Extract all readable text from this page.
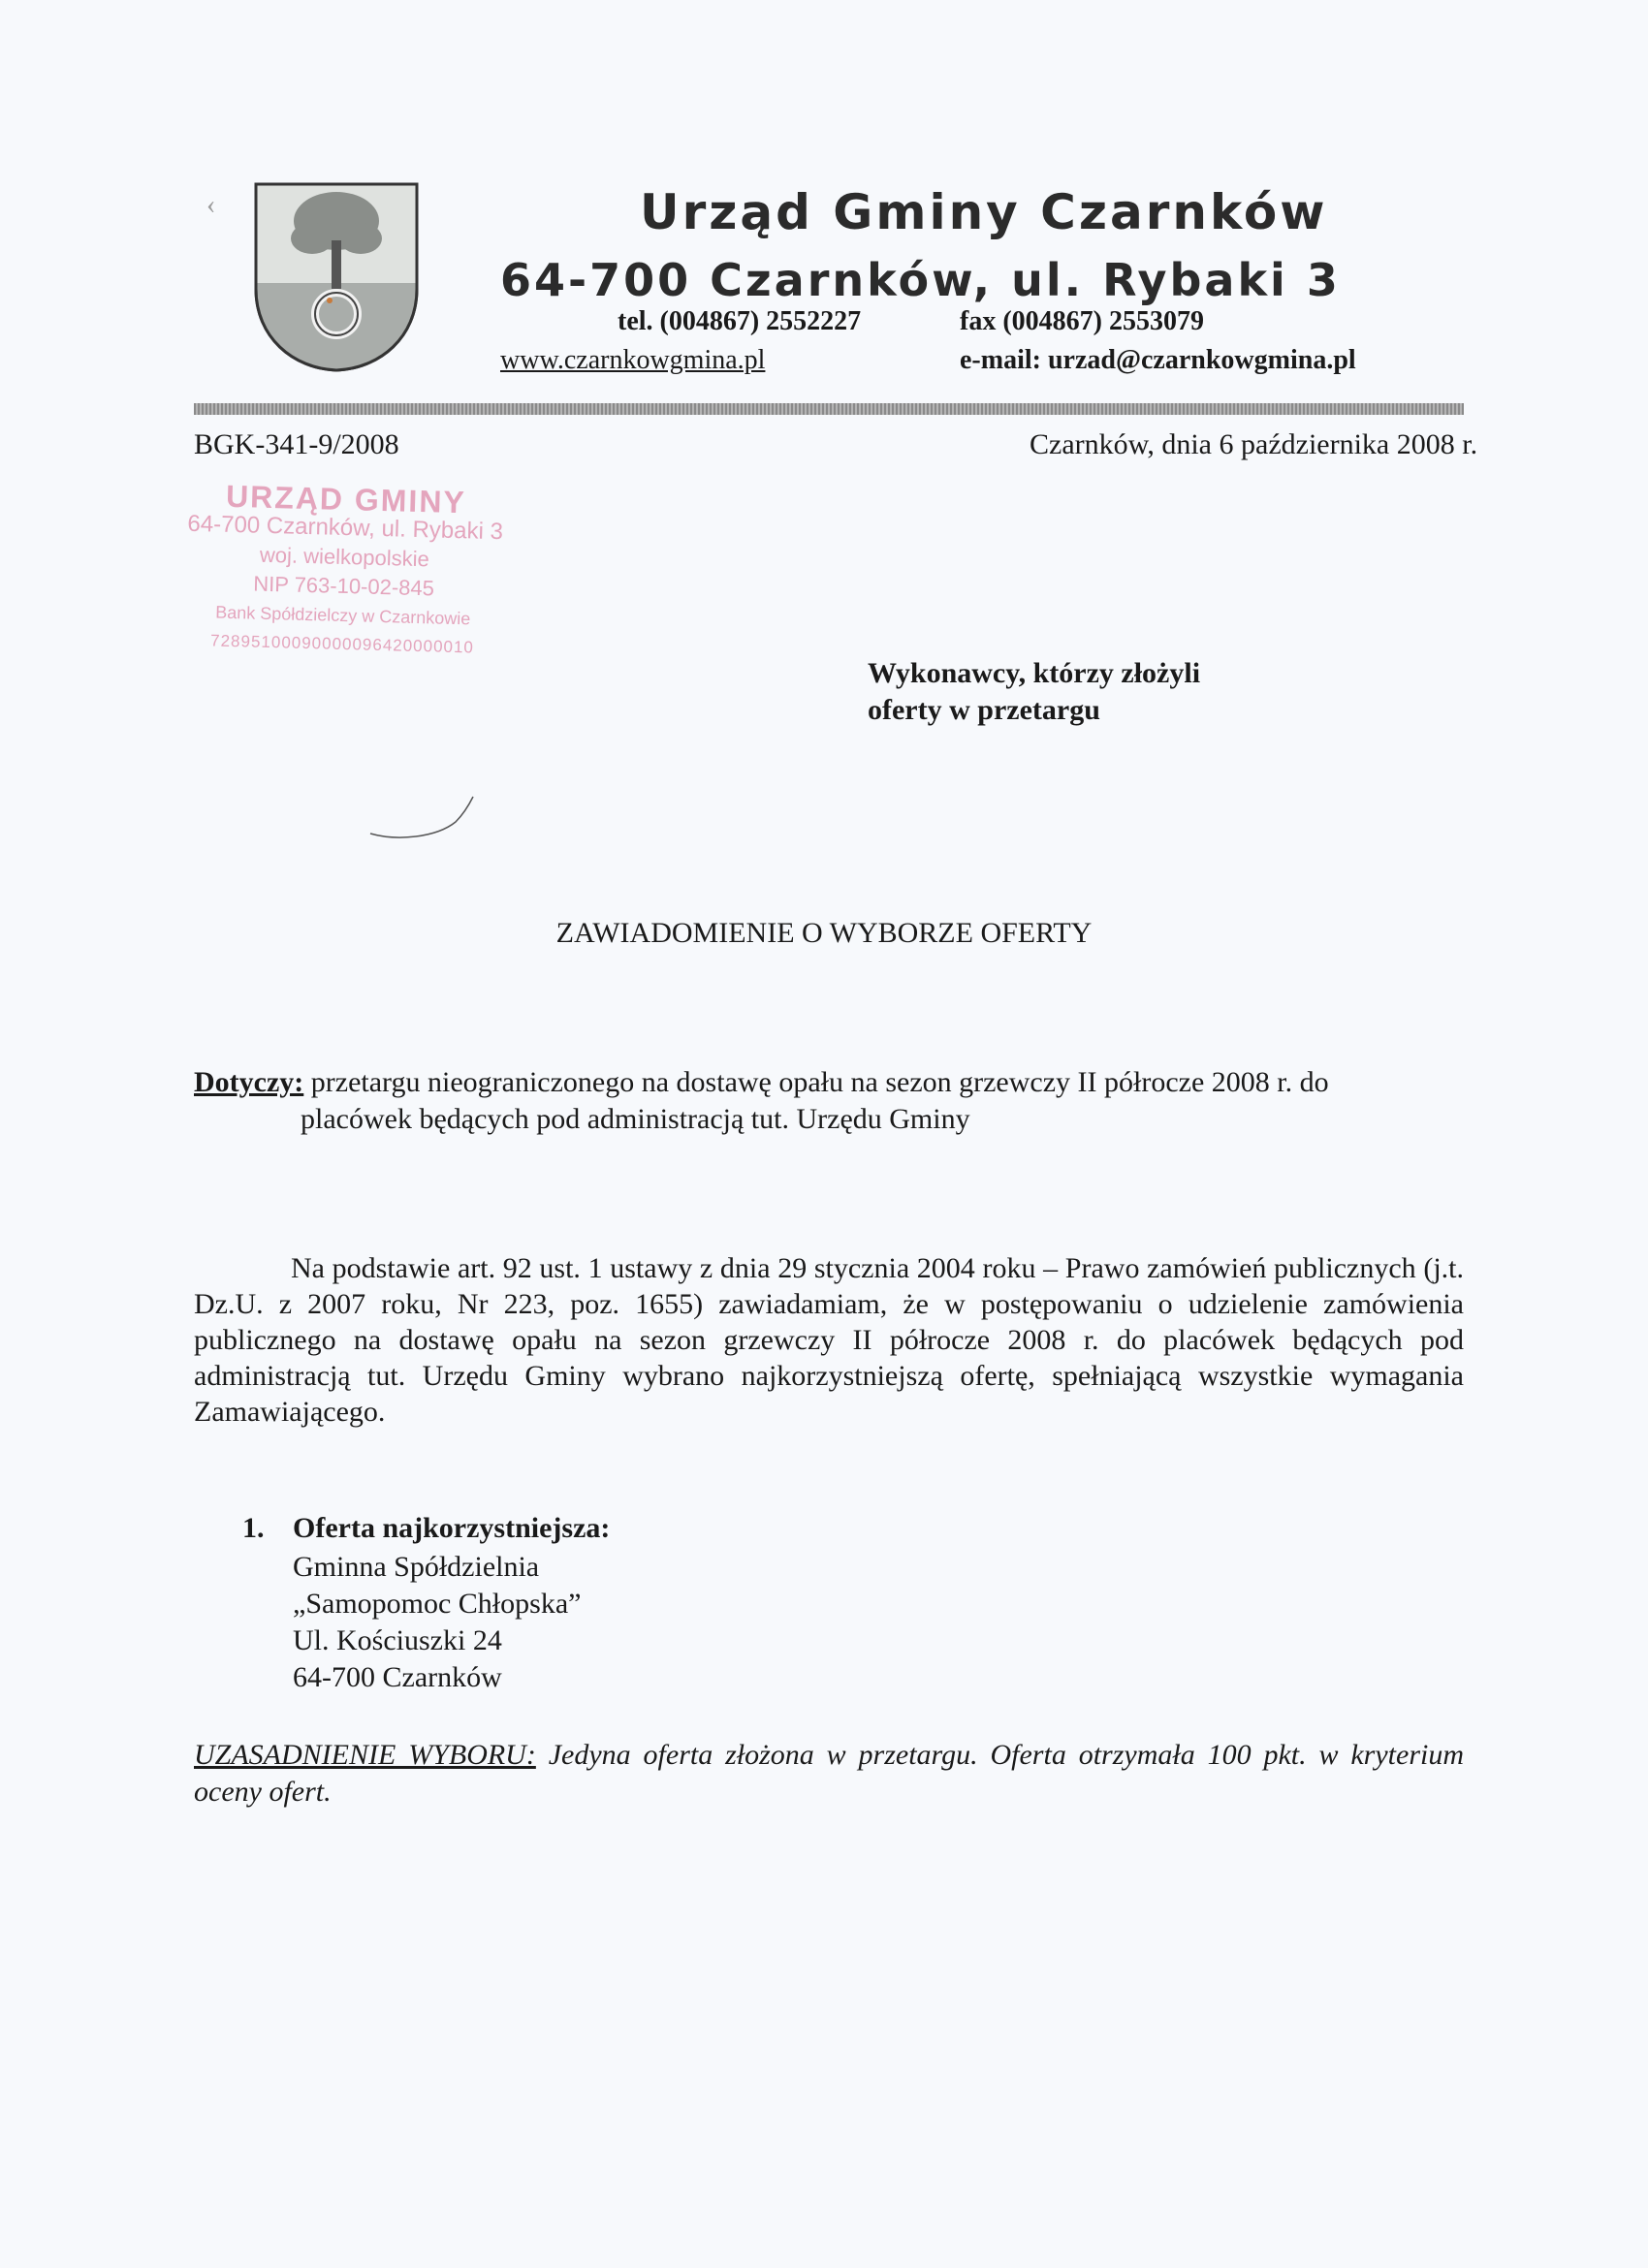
‹	Urząd Gminy Czarnków
64-700 Czarnków, ul. Rybaki 3
tel. (004867) 2552227	fax (004867) 2553079
www.czarnkowgmina.pl	e-mail: urzad@czarnkowgmina.pl
BGK-341-9/2008	Czarnków, dnia 6 października 2008 r.
URZĄD GMINY
64-700 Czarnków, ul. Rybaki 3
woj. wielkopolskie
NIP 763-10-02-845
Bank Spółdzielczy w Czarnkowie
72895100090000096420000010
Wykonawcy, którzy złożyli
oferty w przetargu
ZAWIADOMIENIE O WYBORZE OFERTY
Dotyczy: przetargu nieograniczonego na dostawę opału na sezon grzewczy II półrocze 2008 r. do
placówek będących pod administracją tut. Urzędu Gminy
Na podstawie art. 92 ust. 1 ustawy z dnia 29 stycznia 2004 roku – Prawo zamówień publicznych (j.t. Dz.U. z 2007 roku, Nr 223, poz. 1655) zawiadamiam, że w postępowaniu o udzielenie zamówienia publicznego na dostawę opału na sezon grzewczy II półrocze 2008 r. do placówek będących pod administracją tut. Urzędu Gminy wybrano najkorzystniejszą ofertę, spełniającą wszystkie wymagania Zamawiającego.
1. Oferta najkorzystniejsza:
Gminna Spółdzielnia
„Samopomoc Chłopska”
Ul. Kościuszki 24
64-700 Czarnków
UZASADNIENIE WYBORU: Jedyna oferta złożona w przetargu. Oferta otrzymała 100 pkt. w kryterium oceny ofert.
